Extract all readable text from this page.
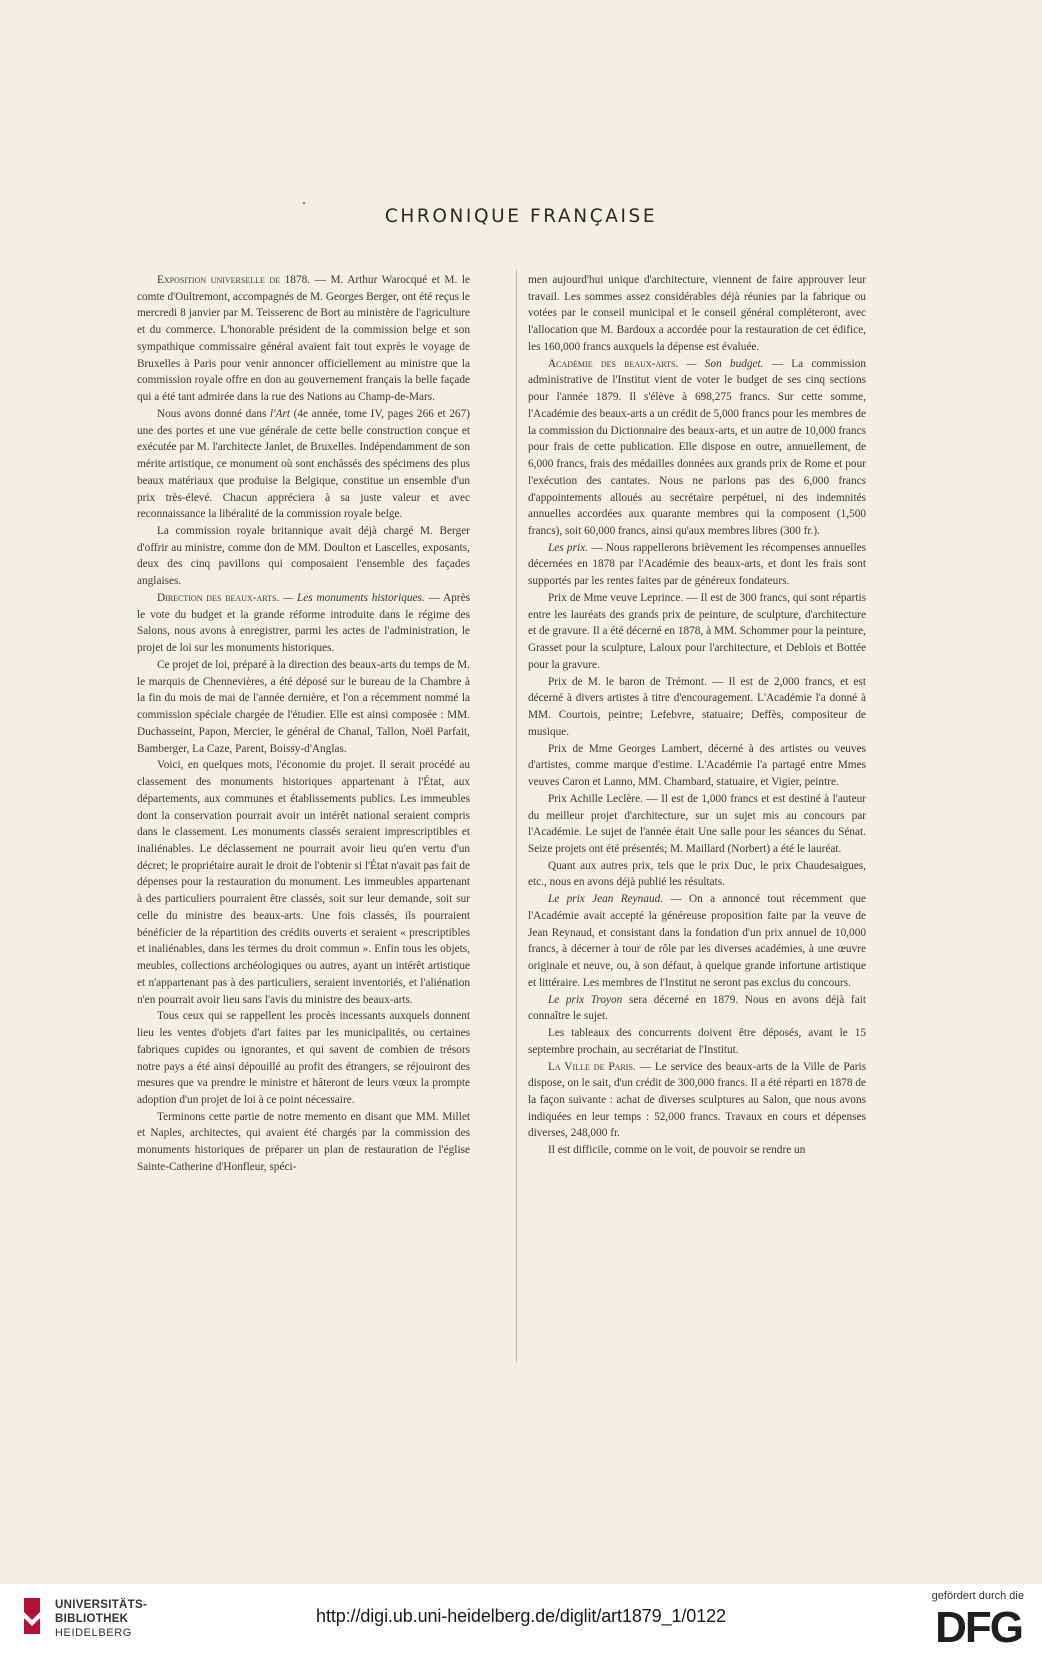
CHRONIQUE FRANÇAISE

Exposition universelle de 1878. — M. Arthur Warocqué et M. le comte d'Oultremont, accompagnés de M. Georges Berger, ont été reçus le mercredi 8 janvier par M. Teisserenc de Bort au ministère de l'agriculture et du commerce. L'honorable président de la commission belge et son sympathique commissaire général avaient fait tout exprès le voyage de Bruxelles à Paris pour venir annoncer officiellement au ministre que la commission royale offre en don au gouvernement français la belle façade qui a été tant admirée dans la rue des Nations au Champ-de-Mars.

Nous avons donné dans l'Art (4e année, tome IV, pages 266 et 267) une des portes et une vue générale de cette belle construction conçue et exécutée par M. l'architecte Janlet, de Bruxelles. Indépendamment de son mérite artistique, ce monument où sont enchâssés des spécimens des plus beaux matériaux que produise la Belgique, constitue un ensemble d'un prix très-élevé. Chacun appréciera à sa juste valeur et avec reconnaissance la libéralité de la commission royale belge.

La commission royale britannique avait déjà chargé M. Berger d'offrir au ministre, comme don de MM. Doulton et Lascelles, exposants, deux des cinq pavillons qui composaient l'ensemble des façades anglaises.

Direction des beaux-arts. — Les monuments historiques. — Après le vote du budget et la grande réforme introduite dans le régime des Salons, nous avons à enregistrer, parmi les actes de l'administration, le projet de loi sur les monuments historiques.

Ce projet de loi, préparé à la direction des beaux-arts du temps de M. le marquis de Chennevières, a été déposé sur le bureau de la Chambre à la fin du mois de mai de l'année dernière, et l'on a récemment nommé la commission spéciale chargée de l'étudier. Elle est ainsi composée : MM. Duchasseint, Papon, Mercier, le général de Chanal, Tallon, Noël Parfait, Bamberger, La Caze, Parent, Boissy-d'Anglas.

Voici, en quelques mots, l'économie du projet. Il serait procédé au classement des monuments historiques appartenant à l'État, aux départements, aux communes et établissements publics. Les immeubles dont la conservation pourrait avoir un intérêt national seraient compris dans le classement. Les monuments classés seraient imprescriptibles et inaliénables. Le déclassement ne pourrait avoir lieu qu'en vertu d'un décret; le propriétaire aurait le droit de l'obtenir si l'État n'avait pas fait de dépenses pour la restauration du monument. Les immeubles appartenant à des particuliers pourraient être classés, soit sur leur demande, soit sur celle du ministre des beaux-arts. Une fois classés, ils pourraient bénéficier de la répartition des crédits ouverts et seraient « prescriptibles et inaliénables, dans les termes du droit commun ». Enfin tous les objets, meubles, collections archéologiques ou autres, ayant un intérêt artistique et n'appartenant pas à des particuliers, seraient inventoriés, et l'aliénation n'en pourrait avoir lieu sans l'avis du ministre des beaux-arts.

Tous ceux qui se rappellent les procès incessants auxquels donnent lieu les ventes d'objets d'art faites par les municipalités, ou certaines fabriques cupides ou ignorantes, et qui savent de combien de trésors notre pays a été ainsi dépouillé au profit des étrangers, se réjouiront des mesures que va prendre le ministre et hâteront de leurs vœux la prompte adoption d'un projet de loi à ce point nécessaire.

Terminons cette partie de notre memento en disant que MM. Millet et Naples, architectes, qui avaient été chargés par la commission des monuments historiques de préparer un plan de restauration de l'église Sainte-Catherine d'Honfleur, spéci-

men aujourd'hui unique d'architecture, viennent de faire approuver leur travail. Les sommes assez considérables déjà réunies par la fabrique ou votées par le conseil municipal et le conseil général compléteront, avec l'allocation que M. Bardoux a accordée pour la restauration de cet édifice, les 160,000 francs auxquels la dépense est évaluée.

Académie des beaux-arts. — Son budget. — La commission administrative de l'Institut vient de voter le budget de ses cinq sections pour l'année 1879. Il s'élève à 698,275 francs. Sur cette somme, l'Académie des beaux-arts a un crédit de 5,000 francs pour les membres de la commission du Dictionnaire des beaux-arts, et un autre de 10,000 francs pour frais de cette publication. Elle dispose en outre, annuellement, de 6,000 francs, frais des médailles données aux grands prix de Rome et pour l'exécution des cantates. Nous ne parlons pas des 6,000 francs d'appointements alloués au secrétaire perpétuel, ni des indemnités annuelles accordées aux quarante membres qui la composent (1,500 francs), soit 60,000 francs, ainsi qu'aux membres libres (300 fr.).

Les prix. — Nous rappellerons brièvement les récompenses annuelles décernées en 1878 par l'Académie des beaux-arts, et dont les frais sont supportés par les rentes faites par de généreux fondateurs.

Prix de Mme veuve Leprince. — Il est de 300 francs, qui sont répartis entre les lauréats des grands prix de peinture, de sculpture, d'architecture et de gravure. Il a été décerné en 1878, à MM. Schommer pour la peinture, Grasset pour la sculpture, Laloux pour l'architecture, et Deblois et Bottée pour la gravure.

Prix de M. le baron de Trémont. — Il est de 2,000 francs, et est décerné à divers artistes à titre d'encouragement. L'Académie l'a donné à MM. Courtois, peintre; Lefebvre, statuaire; Deffès, compositeur de musique.

Prix de Mme Georges Lambert, décerné à des artistes ou veuves d'artistes, comme marque d'estime. L'Académie l'a partagé entre Mmes veuves Caron et Lanno, MM. Chambard, statuaire, et Vigier, peintre.

Prix Achille Leclère. — Il est de 1,000 francs et est destiné à l'auteur du meilleur projet d'architecture, sur un sujet mis au concours par l'Académie. Le sujet de l'année était Une salle pour les séances du Sénat. Seize projets ont été présentés; M. Maillard (Norbert) a été le lauréat.

Quant aux autres prix, tels que le prix Duc, le prix Chaudesaigues, etc., nous en avons déjà publié les résultats.

Le prix Jean Reynaud. — On a annoncé tout récemment que l'Académie avait accepté la généreuse proposition faite par la veuve de Jean Reynaud, et consistant dans la fondation d'un prix annuel de 10,000 francs, à décerner à tour de rôle par les diverses académies, à une œuvre originale et neuve, ou, à son défaut, à quelque grande infortune artistique et littéraire. Les membres de l'Institut ne seront pas exclus du concours.

Le prix Troyon sera décerné en 1879. Nous en avons déjà fait connaître le sujet.

Les tableaux des concurrents doivent être déposés, avant le 15 septembre prochain, au secrétariat de l'Institut.

La Ville de Paris. — Le service des beaux-arts de la Ville de Paris dispose, on le sait, d'un crédit de 300,000 francs. Il a été réparti en 1878 de la façon suivante : achat de diverses sculptures au Salon, que nous avons indiquées en leur temps : 52,000 francs. Travaux en cours et dépenses diverses, 248,000 fr.

Il est difficile, comme on le voit, de pouvoir se rendre un

UNIVERSITÄTS-
BIBLIOTHEK
HEIDELBERG
http://digi.ub.uni-heidelberg.de/diglit/art1879_1/0122
gefördert durch die
DFG
